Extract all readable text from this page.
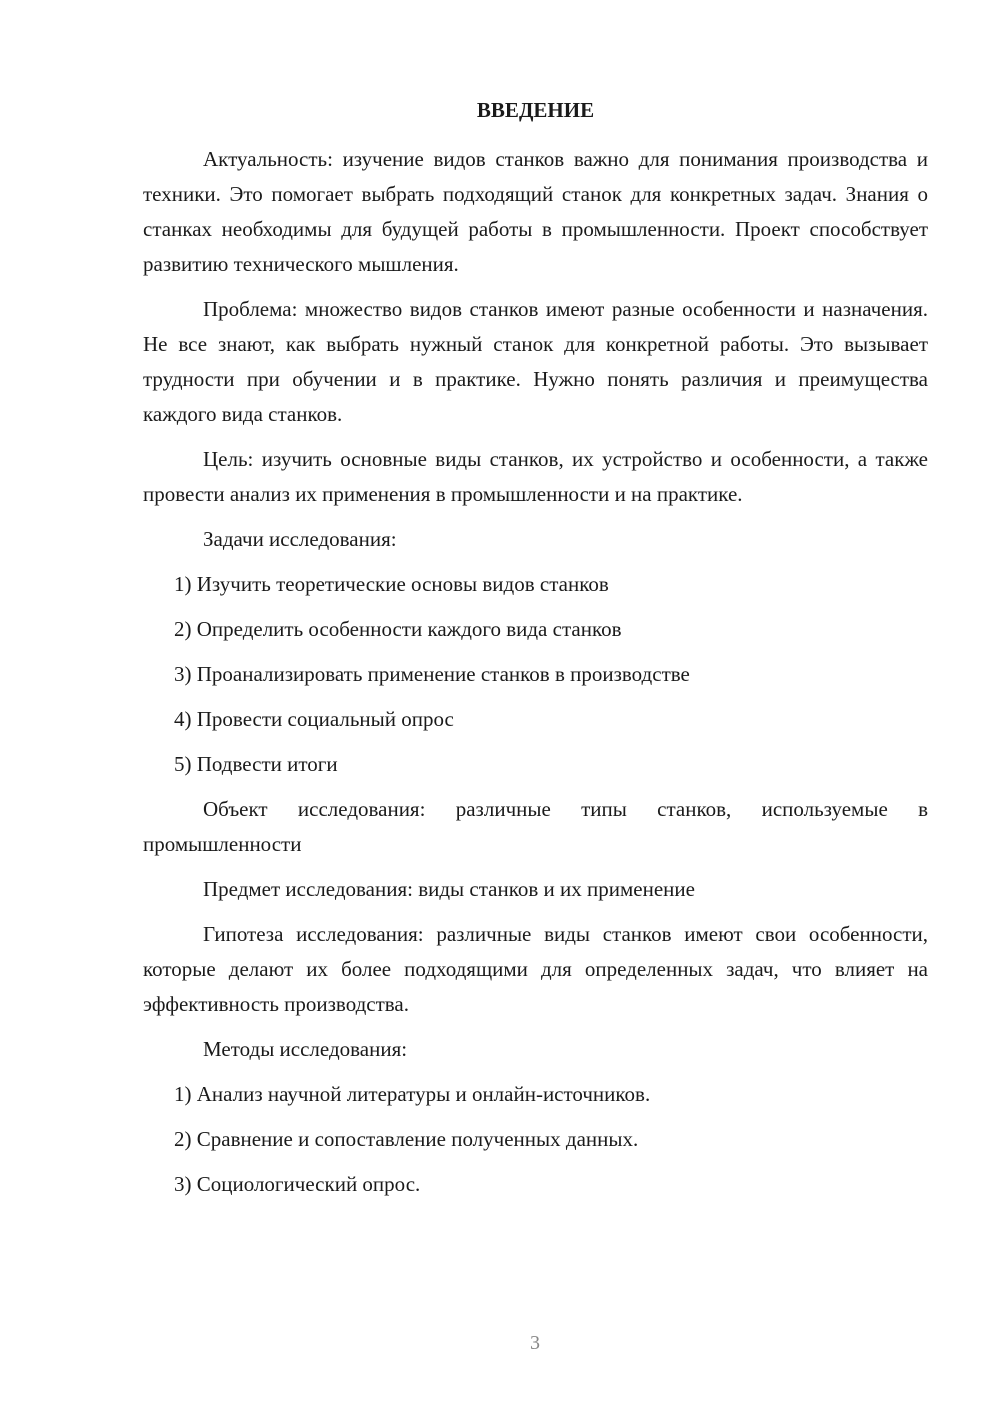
ВВЕДЕНИЕ

Актуальность: изучение видов станков важно для понимания производства и техники. Это помогает выбрать подходящий станок для конкретных задач. Знания о станках необходимы для будущей работы в промышленности. Проект способствует развитию технического мышления.

Проблема: множество видов станков имеют разные особенности и назначения. Не все знают, как выбрать нужный станок для конкретной работы. Это вызывает трудности при обучении и в практике. Нужно понять различия и преимущества каждого вида станков.

Цель: изучить основные виды станков, их устройство и особенности, а также провести анализ их применения в промышленности и на практике.

Задачи исследования:

1) Изучить теоретические основы видов станков

2) Определить особенности каждого вида станков

3) Проанализировать применение станков в производстве

4) Провести социальный опрос

5) Подвести итоги

Объект исследования: различные типы станков, используемые в промышленности

Предмет исследования: виды станков и их применение

Гипотеза исследования: различные виды станков имеют свои особенности, которые делают их более подходящими для определенных задач, что влияет на эффективность производства.

Методы исследования:

1) Анализ научной литературы и онлайн-источников.

2) Сравнение и сопоставление полученных данных.

3) Социологический опрос.

3
